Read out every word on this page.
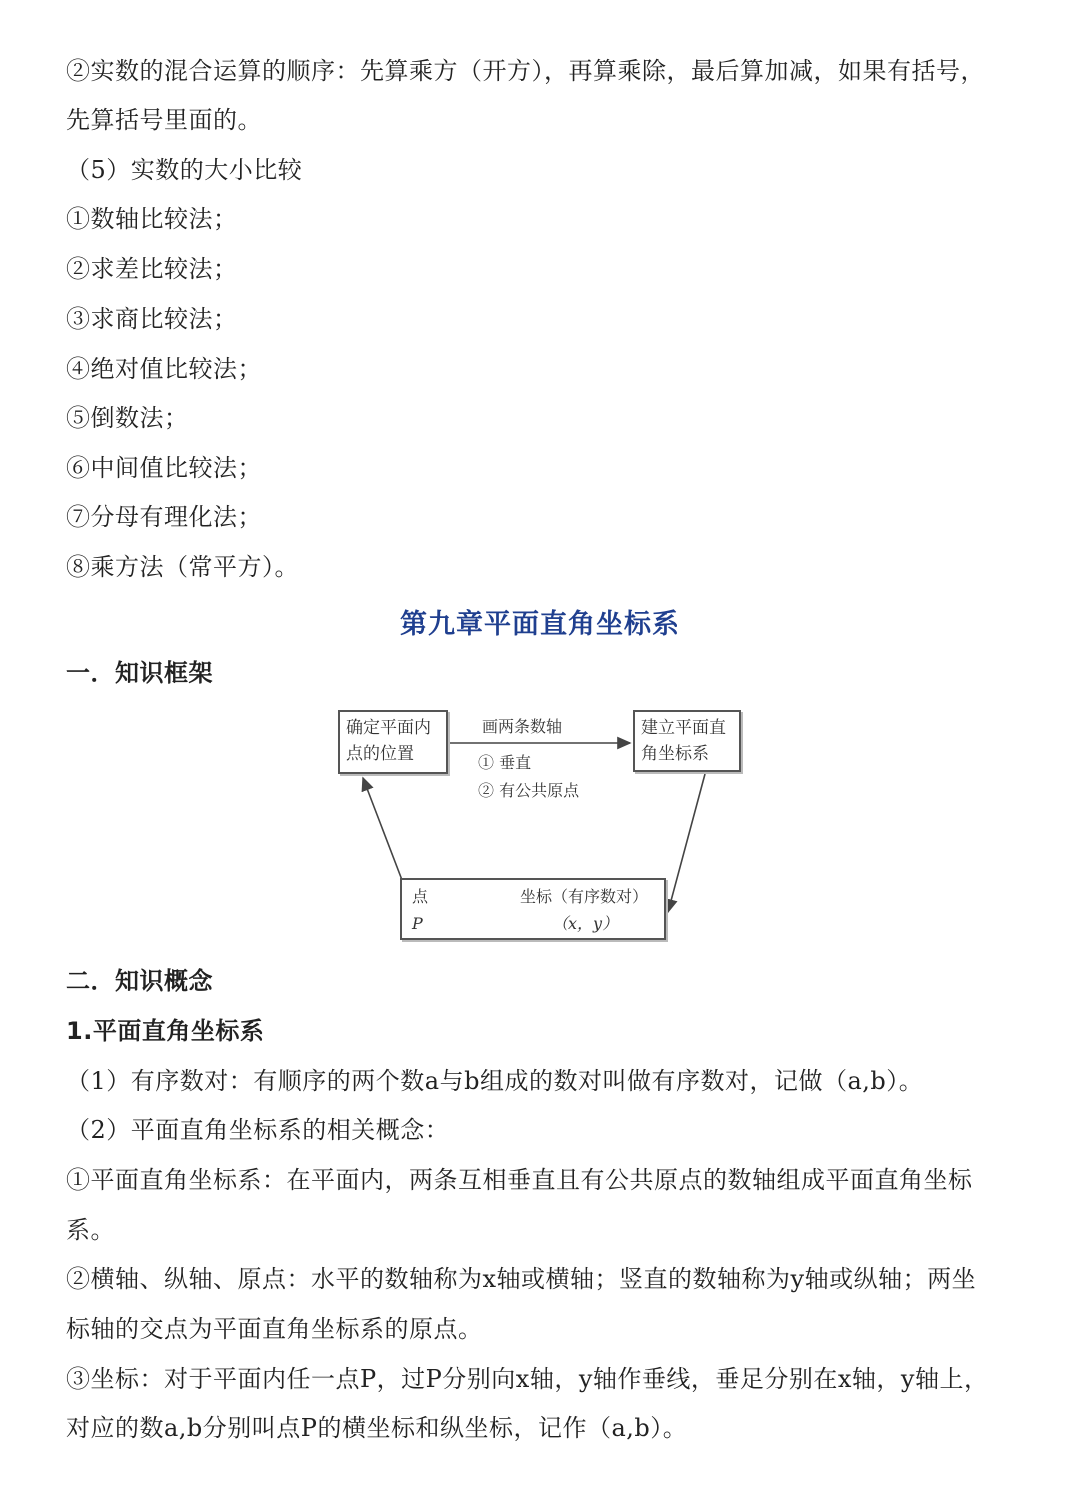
②实数的混合运算的顺序：先算乘方（开方），再算乘除，最后算加减，如果有括号，
先算括号里面的。
（5）实数的大小比较
①数轴比较法；
②求差比较法；
③求商比较法；
④绝对值比较法；
⑤倒数法；
⑥中间值比较法；
⑦分母有理化法；
⑧乘方法（常平方）。
第九章平面直角坐标系
一．知识框架
确定平面内
点的位置
建立平面直
角坐标系
画两条数轴
① 垂直
② 有公共原点
点
P
坐标（有序数对）
（x，y）
二．知识概念
1.平面直角坐标系
（1）有序数对：有顺序的两个数a与b组成的数对叫做有序数对，记做（a,b）。
（2）平面直角坐标系的相关概念：
①平面直角坐标系：在平面内，两条互相垂直且有公共原点的数轴组成平面直角坐标
系。
②横轴、纵轴、原点：水平的数轴称为x轴或横轴；竖直的数轴称为y轴或纵轴；两坐
标轴的交点为平面直角坐标系的原点。
③坐标：对于平面内任一点P，过P分别向x轴，y轴作垂线，垂足分别在x轴，y轴上，
对应的数a,b分别叫点P的横坐标和纵坐标，记作（a,b）。
